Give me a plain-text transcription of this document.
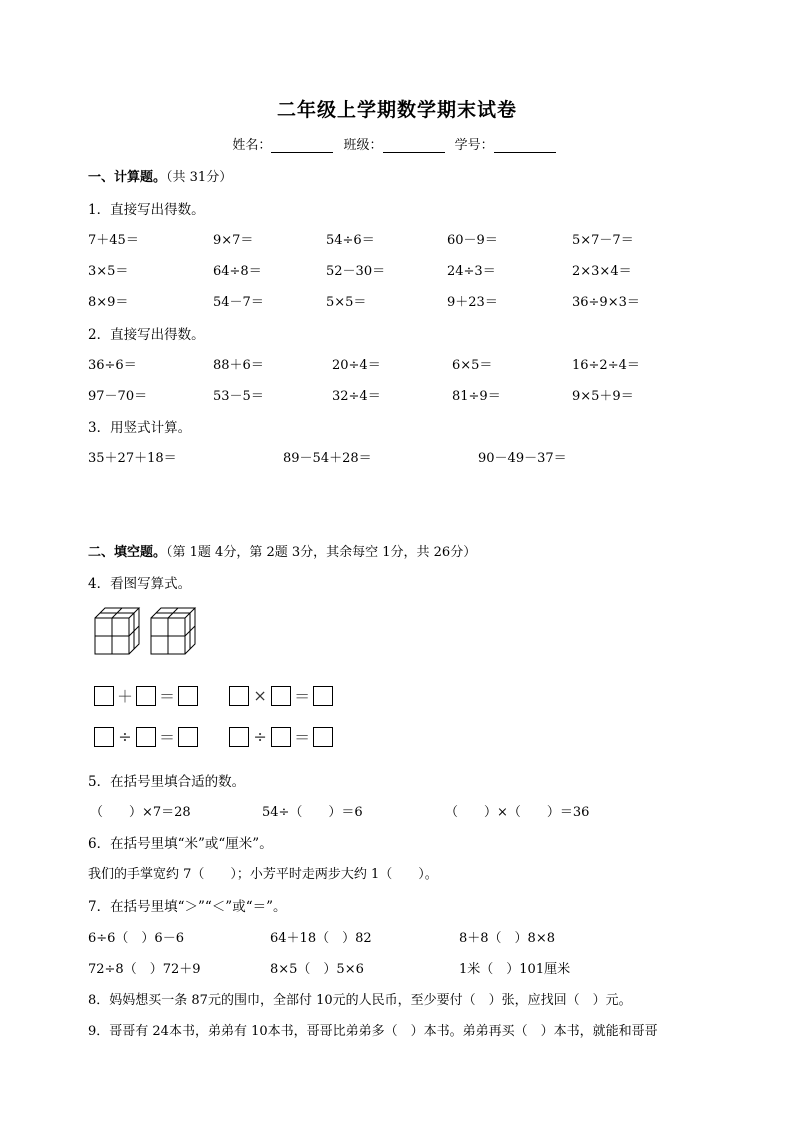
二年级上学期数学期末试卷
姓名：	班级：	学号：
一、计算题。（共 31分）
1．直接写出得数。
7＋45＝	9×7＝	54÷6＝	60－9＝	5×7－7＝
3×5＝	64÷8＝	52－30＝	24÷3＝	2×3×4＝
8×9＝	54－7＝	5×5＝	9＋23＝	36÷9×3＝
2．直接写出得数。
36÷6＝	88＋6＝	20÷4＝	6×5＝	16÷2÷4＝
97－70＝	53－5＝	32÷4＝	81÷9＝	9×5＋9＝
3．用竖式计算。
35＋27＋18＝	89－54＋28＝	90－49－37＝
二、填空题。（第 1题 4分，第 2题 3分，其余每空 1分，共 26分）
4．看图写算式。
＋ ＝	× ＝
÷ ＝	÷ ＝
5．在括号里填合适的数。
（　　）×7＝28	54÷（　　）＝6	（　　）×（　　）＝36
6．在括号里填“米”或“厘米”。
我们的手掌宽约 7（　　）；小芳平时走两步大约 1（　　）。
7．在括号里填“＞”“＜”或“＝”。
6÷6（　）6－6	64＋18（　）82	8＋8（　）8×8
72÷8（　）72＋9	8×5（　）5×6	1米（　）101厘米
8．妈妈想买一条 87元的围巾，全部付 10元的人民币，至少要付（　）张，应找回（　）元。
9．哥哥有 24本书，弟弟有 10本书，哥哥比弟弟多（　）本书。弟弟再买（　）本书，就能和哥哥
